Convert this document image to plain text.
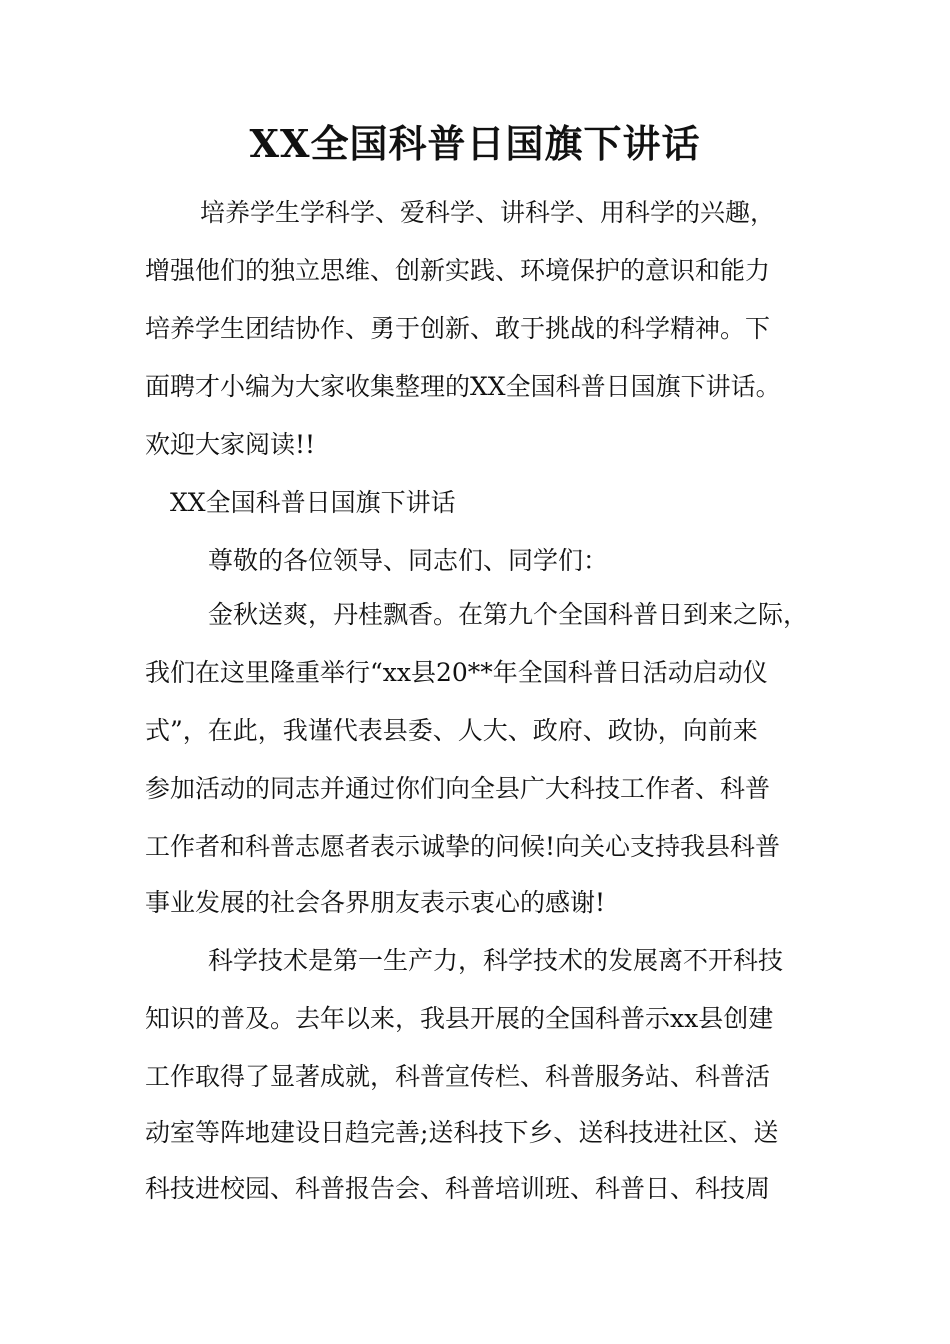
XX全国科普日国旗下讲话

培养学生学科学、爱科学、讲科学、用科学的兴趣，

增强他们的独立思维、创新实践、环境保护的意识和能力

培养学生团结协作、勇于创新、敢于挑战的科学精神。下

面聘才小编为大家收集整理的XX全国科普日国旗下讲话。

欢迎大家阅读!!

XX全国科普日国旗下讲话

尊敬的各位领导、同志们、同学们：

金秋送爽，丹桂飘香。在第九个全国科普日到来之际，

我们在这里隆重举行“xx县20**年全国科普日活动启动仪

式”，在此，我谨代表县委、人大、政府、政协，向前来

参加活动的同志并通过你们向全县广大科技工作者、科普

工作者和科普志愿者表示诚挚的问候!向关心支持我县科普

事业发展的社会各界朋友表示衷心的感谢!

科学技术是第一生产力，科学技术的发展离不开科技

知识的普及。去年以来，我县开展的全国科普示xx县创建

工作取得了显著成就，科普宣传栏、科普服务站、科普活

动室等阵地建设日趋完善;送科技下乡、送科技进社区、送

科技进校园、科普报告会、科普培训班、科普日、科技周
